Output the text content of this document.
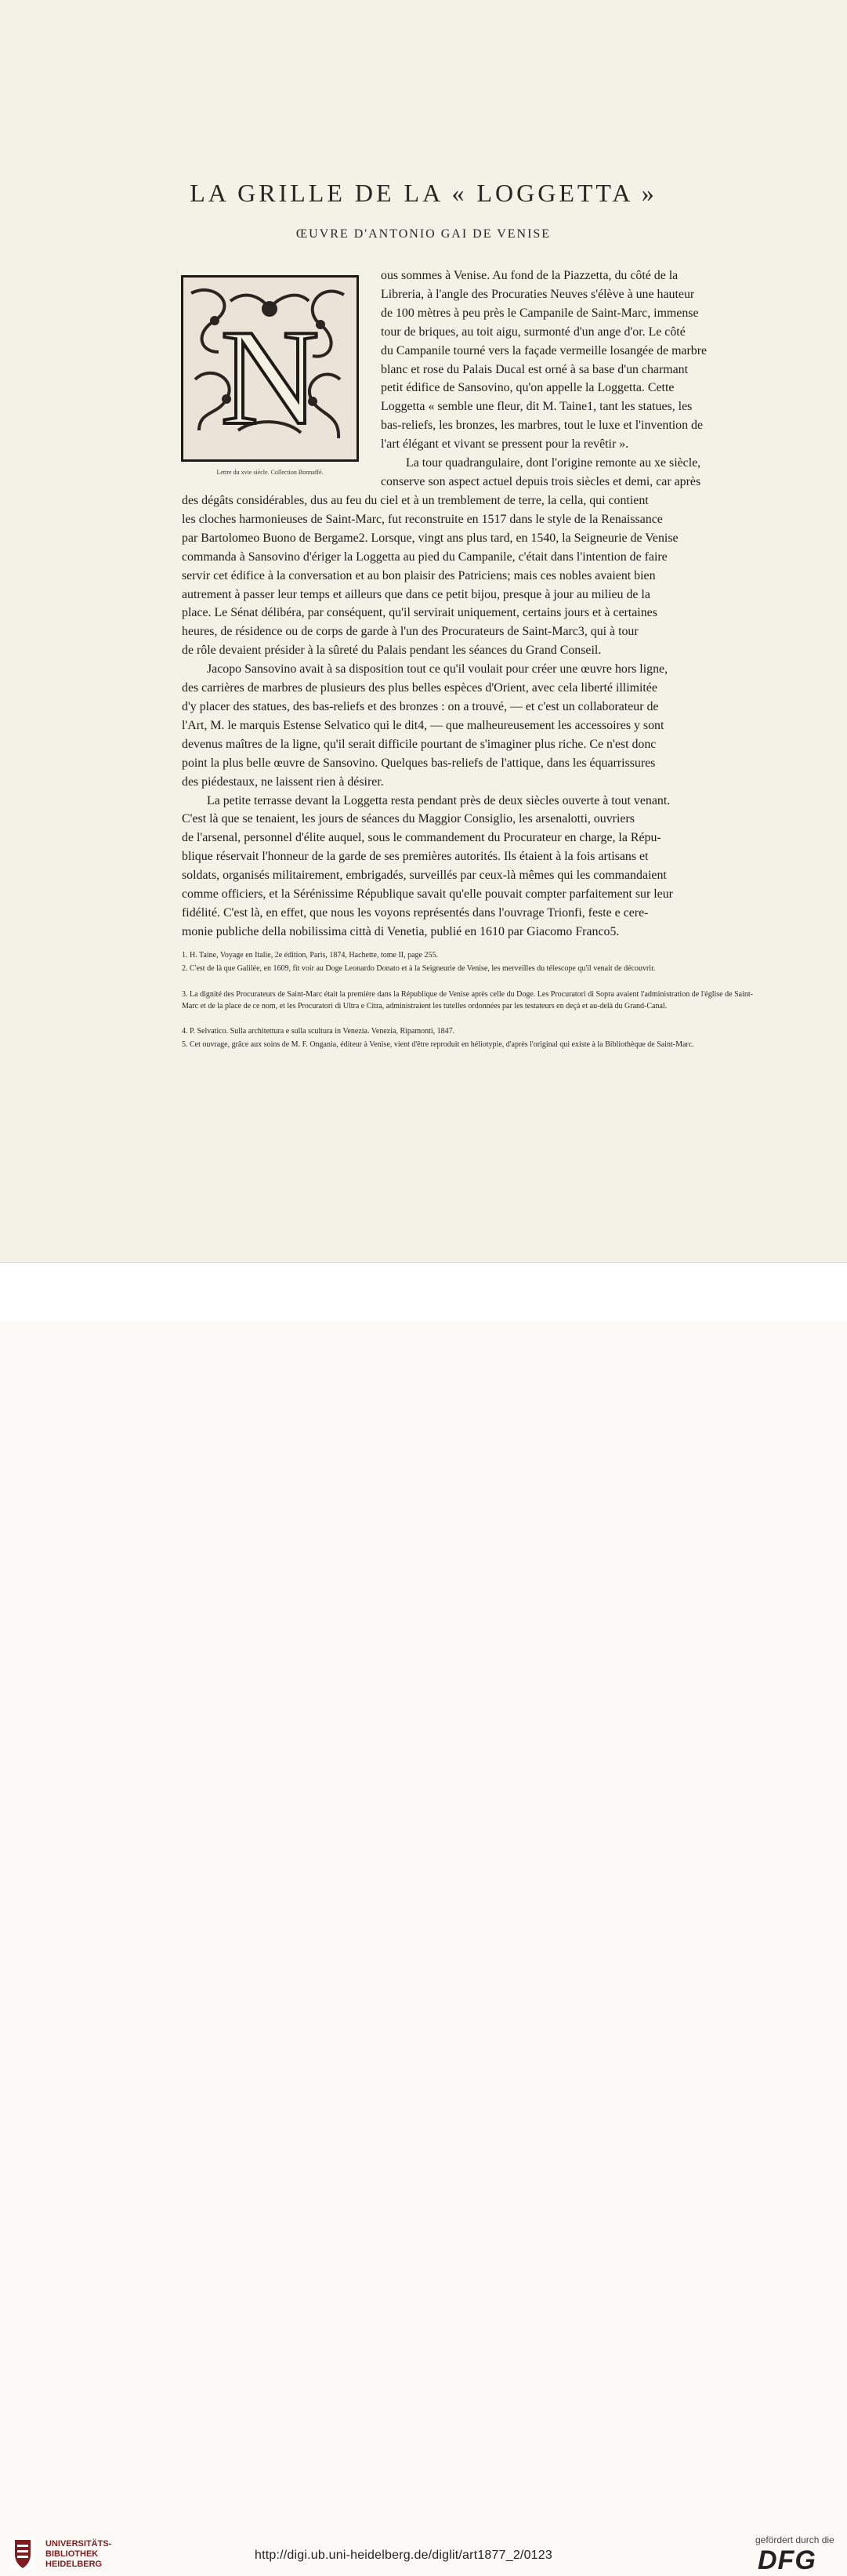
LA GRILLE DE LA « LOGGETTA »
ŒUVRE D'ANTONIO GAI DE VENISE
N
Lettre du xvie siècle. Collection Bonnaffé.
ous sommes à Venise. Au fond de la Piazzetta, du côté de la
Libreria, à l'angle des Procuraties Neuves s'élève à une hauteur
de 100 mètres à peu près le Campanile de Saint-Marc, immense
tour de briques, au toit aigu, surmonté d'un ange d'or. Le côté
du Campanile tourné vers la façade vermeille losangée de marbre
blanc et rose du Palais Ducal est orné à sa base d'un charmant
petit édifice de Sansovino, qu'on appelle la Loggetta. Cette
Loggetta « semble une fleur, dit M. Taine1, tant les statues, les
bas-reliefs, les bronzes, les marbres, tout le luxe et l'invention de
l'art élégant et vivant se pressent pour la revêtir ».
La tour quadrangulaire, dont l'origine remonte au xe siècle,
conserve son aspect actuel depuis trois siècles et demi, car après
des dégâts considérables, dus au feu du ciel et à un tremblement de terre, la cella, qui contient
les cloches harmonieuses de Saint-Marc, fut reconstruite en 1517 dans le style de la Renaissance
par Bartolomeo Buono de Bergame2. Lorsque, vingt ans plus tard, en 1540, la Seigneurie de Venise
commanda à Sansovino d'ériger la Loggetta au pied du Campanile, c'était dans l'intention de faire
servir cet édifice à la conversation et au bon plaisir des Patriciens; mais ces nobles avaient bien
autrement à passer leur temps et ailleurs que dans ce petit bijou, presque à jour au milieu de la
place. Le Sénat délibéra, par conséquent, qu'il servirait uniquement, certains jours et à certaines
heures, de résidence ou de corps de garde à l'un des Procurateurs de Saint-Marc3, qui à tour
de rôle devaient présider à la sûreté du Palais pendant les séances du Grand Conseil.
Jacopo Sansovino avait à sa disposition tout ce qu'il voulait pour créer une œuvre hors ligne,
des carrières de marbres de plusieurs des plus belles espèces d'Orient, avec cela liberté illimitée
d'y placer des statues, des bas-reliefs et des bronzes : on a trouvé, — et c'est un collaborateur de
l'Art, M. le marquis Estense Selvatico qui le dit4, — que malheureusement les accessoires y sont
devenus maîtres de la ligne, qu'il serait difficile pourtant de s'imaginer plus riche. Ce n'est donc
point la plus belle œuvre de Sansovino. Quelques bas-reliefs de l'attique, dans les équarrissures
des piédestaux, ne laissent rien à désirer.
La petite terrasse devant la Loggetta resta pendant près de deux siècles ouverte à tout venant.
C'est là que se tenaient, les jours de séances du Maggior Consiglio, les arsenalotti, ouvriers
de l'arsenal, personnel d'élite auquel, sous le commandement du Procurateur en charge, la Répu-
blique réservait l'honneur de la garde de ses premières autorités. Ils étaient à la fois artisans et
soldats, organisés militairement, embrigadés, surveillés par ceux-là mêmes qui les commandaient
comme officiers, et la Sérénissime République savait qu'elle pouvait compter parfaitement sur leur
fidélité. C'est là, en effet, que nous les voyons représentés dans l'ouvrage Trionfi, feste e cere-
monie publiche della nobilissima città di Venetia, publié en 1610 par Giacomo Franco5.
1. H. Taine, Voyage en Italie, 2e édition, Paris, 1874, Hachette, tome II, page 255.
2. C'est de là que Galilée, en 1609, fit voir au Doge Leonardo Donato et à la Seigneurie de Venise, les merveilles du télescope qu'il venait de découvrir.
3. La dignité des Procurateurs de Saint-Marc était la première dans la République de Venise après celle du Doge. Les Procuratori di Sopra avaient l'administration de l'église de Saint-Marc et de la place de ce nom, et les Procuratori di Ultra e Citra, administraient les tutelles ordonnées par les testateurs en deçà et au-delà du Grand-Canal.
4. P. Selvatico. Sulla architettura e sulla scultura in Venezia. Venezia, Ripamonti, 1847.
5. Cet ouvrage, grâce aux soins de M. F. Ongania, éditeur à Venise, vient d'être reproduit en héliotypie, d'après l'original qui existe à la Bibliothèque de Saint-Marc.
UNIVERSITÄTS-
BIBLIOTHEK
HEIDELBERG
http://digi.ub.uni-heidelberg.de/diglit/art1877_2/0123
gefördert durch die
DFG
